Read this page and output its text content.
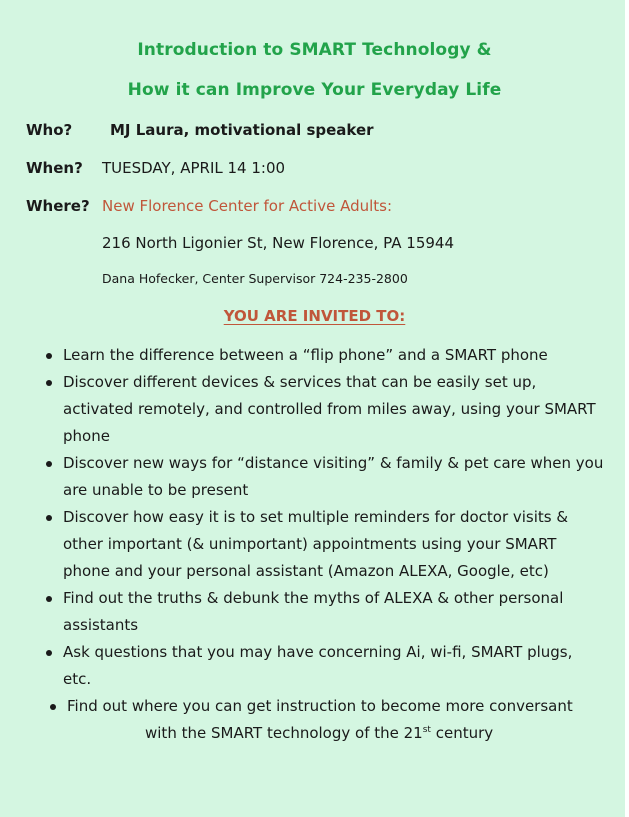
Introduction to SMART Technology &
How it can Improve Your Everyday Life
Who?	MJ Laura, motivational speaker
When? TUESDAY, APRIL 14 1:00
Where? New Florence Center for Active Adults:
216 North Ligonier St, New Florence, PA 15944
Dana Hofecker, Center Supervisor 724-235-2800
YOU ARE INVITED TO:
Learn the difference between a “flip phone” and a SMART phone
Discover different devices & services that can be easily set up, activated remotely, and controlled from miles away, using your SMART phone
Discover new ways for “distance visiting” & family & pet care when you are unable to be present
Discover how easy it is to set multiple reminders for doctor visits & other important (& unimportant) appointments using your SMART phone and your personal assistant (Amazon ALEXA, Google, etc)
Find out the truths & debunk the myths of ALEXA & other personal assistants
Ask questions that you may have concerning Ai, wi-fi, SMART plugs, etc.
Find out where you can get instruction to become more conversant
with the SMART technology of the 21st century
